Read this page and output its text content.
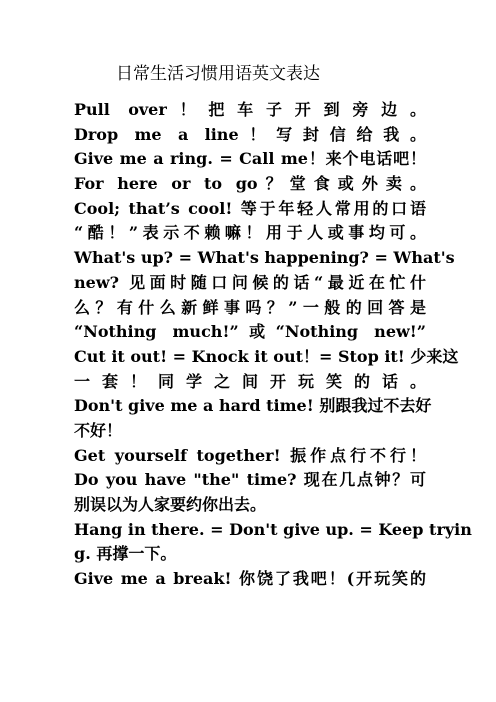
日常生活习惯用语英文表达
Pull over！把车子开到旁边。
Drop me a line！写封信给我。
Give me a ring. = Call me！来个电话吧！
For here or to go？堂食或外卖。
Cool; that’s cool! 等于年轻人常用的口语
“酷！”表示不赖嘛！用于人或事均可。
What's up? = What's happening? = What's
new? 见面时随口问候的话“最近在忙什
么？有什么新鲜事吗？”一般的回答是
“Nothing much!”或“Nothing new!”
Cut it out! = Knock it out！= Stop it! 少来这
一套！同学之间开玩笑的话。
Don't give me a hard time! 别跟我过不去好
不好！
Get yourself together! 振作点行不行！
Do you have "the" time? 现在几点钟？可
别误以为人家要约你出去。
Hang in there. = Don't give up. = Keep tryin
g. 再撑一下。
Give me a break! 你饶了我吧！(开玩笑的
